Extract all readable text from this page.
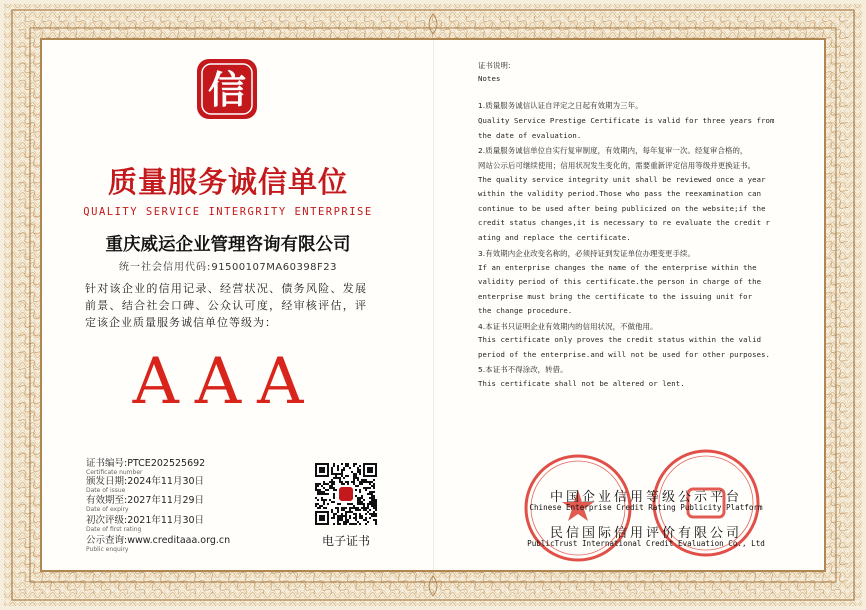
信
质量服务诚信单位
QUALITY SERVICE INTERGRITY ENTERPRISE
重庆威运企业管理咨询有限公司
统一社会信用代码:91500107MA60398F23
针对该企业的信用记录、经营状况、债务风险、发展前景、结合社会口碑、公众认可度，经审核评估，评定该企业质量服务诚信单位等级为：
AAA
证书编号:PTCE202525692
Certificate number
颁发日期:2024年11月30日
Date of issue
有效期至:2027年11月29日
Date of expiry
初次评级:2021年11月30日
Date of first rating
公示查询:www.creditaaa.org.cn
Public enquiry
电子证书
证书说明:
Notes
1.质量服务诚信认证自评定之日起有效期为三年。
Quality Service Prestige Certificate is valid for three years from
the date of evaluation.
2.质量服务诚信单位自实行复审制度，有效期内，每年复审一次。经复审合格的，
网站公示后可继续使用；信用状况发生变化的，需要重新评定信用等级并更换证书。
The quality service integrity unit shall be reviewed once a year
within the validity period.Those who pass the reexamination can
continue to be used after being publicized on the website;if the
credit status changes,it is necessary to re evaluate the credit r
ating and replace the certificate.
3.有效期内企业改变名称的，必须持证到发证单位办理变更手续。
If an enterprise changes the name of the enterprise within the
validity period of this certificate.the person in charge of the
enterprise must bring the certificate to the issuing unit for
the change procedure.
4.本证书只证明企业有效期内的信用状况，不做他用。
This certificate only proves the credit status within the valid
period of the enterprise.and will not be used for other purposes.
5.本证书不得涂改，转借。
This certificate shall not be altered or lent.
中国企业信用等级公示平台
Chinese Enterprise Credit Rating Publicity Platform
民信国际信用评价有限公司
PublicTrust International Credit Evaluation Co., Ltd
